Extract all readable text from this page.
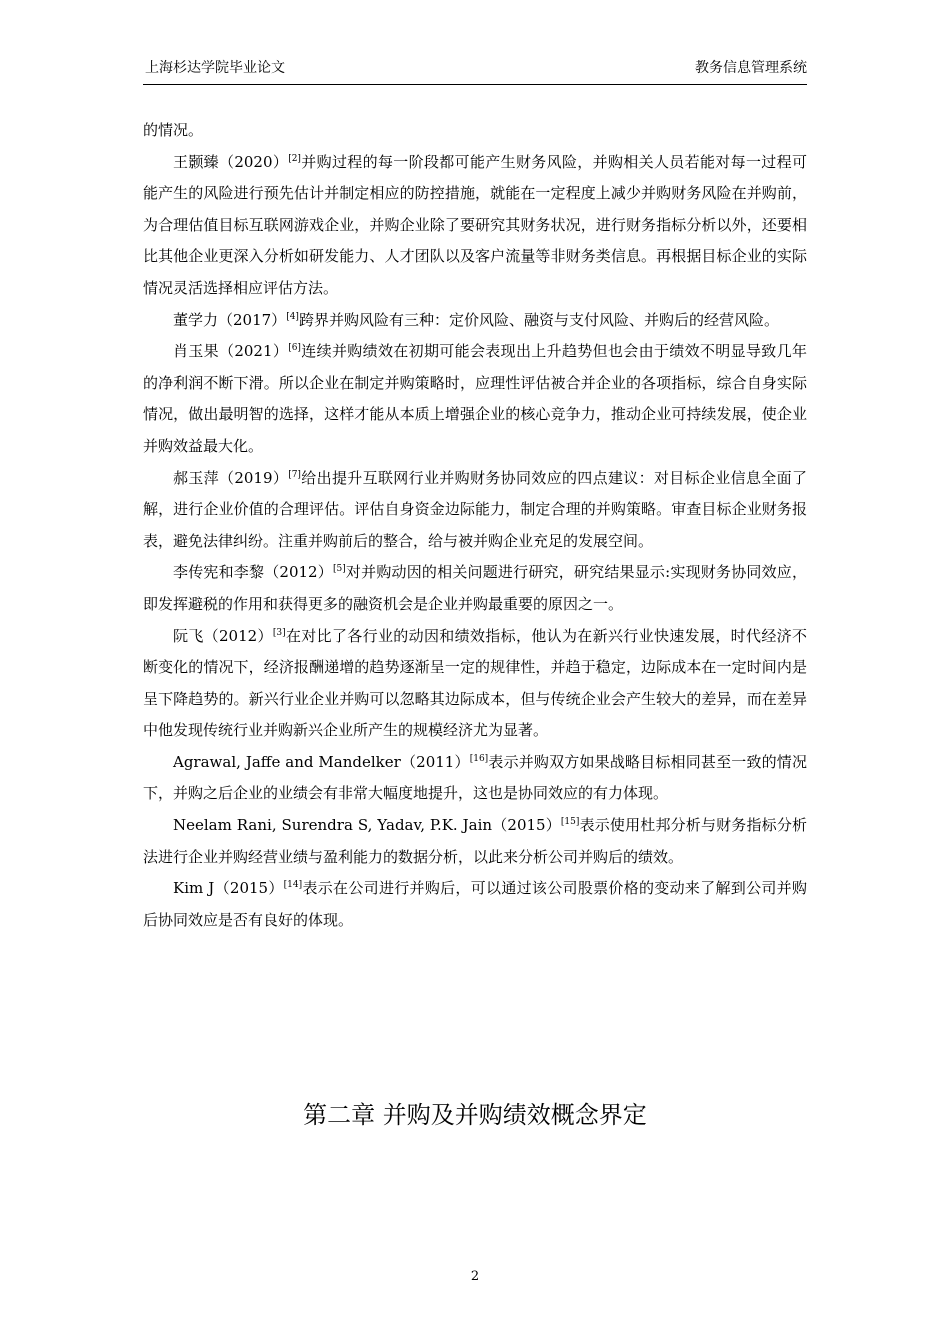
上海杉达学院毕业论文	教务信息管理系统

的情况。

王颢臻（2020）[2]并购过程的每一阶段都可能产生财务风险，并购相关人员若能对每一过程可能产生的风险进行预先估计并制定相应的防控措施，就能在一定程度上减少并购财务风险在并购前，为合理估值目标互联网游戏企业，并购企业除了要研究其财务状况，进行财务指标分析以外，还要相比其他企业更深入分析如研发能力、人才团队以及客户流量等非财务类信息。再根据目标企业的实际情况灵活选择相应评估方法。

董学力（2017）[4]跨界并购风险有三种：定价风险、融资与支付风险、并购后的经营风险。

肖玉果（2021）[6]连续并购绩效在初期可能会表现出上升趋势但也会由于绩效不明显导致几年的净利润不断下滑。所以企业在制定并购策略时，应理性评估被合并企业的各项指标，综合自身实际情况，做出最明智的选择，这样才能从本质上增强企业的核心竞争力，推动企业可持续发展，使企业并购效益最大化。

郝玉萍（2019）[7]给出提升互联网行业并购财务协同效应的四点建议：对目标企业信息全面了解，进行企业价值的合理评估。评估自身资金边际能力，制定合理的并购策略。审查目标企业财务报表，避免法律纠纷。注重并购前后的整合，给与被并购企业充足的发展空间。

李传宪和李黎（2012）[5]对并购动因的相关问题进行研究，研究结果显示:实现财务协同效应，即发挥避税的作用和获得更多的融资机会是企业并购最重要的原因之一。

阮飞（2012）[3]在对比了各行业的动因和绩效指标，他认为在新兴行业快速发展，时代经济不断变化的情况下，经济报酬递增的趋势逐渐呈一定的规律性，并趋于稳定，边际成本在一定时间内是呈下降趋势的。新兴行业企业并购可以忽略其边际成本，但与传统企业会产生较大的差异，而在差异中他发现传统行业并购新兴企业所产生的规模经济尤为显著。

Agrawal, Jaffe and Mandelker（2011）[16]表示并购双方如果战略目标相同甚至一致的情况下，并购之后企业的业绩会有非常大幅度地提升，这也是协同效应的有力体现。

Neelam Rani, Surendra S, Yadav, P.K. Jain（2015）[15]表示使用杜邦分析与财务指标分析法进行企业并购经营业绩与盈利能力的数据分析，以此来分析公司并购后的绩效。

Kim J（2015）[14]表示在公司进行并购后，可以通过该公司股票价格的变动来了解到公司并购后协同效应是否有良好的体现。

第二章 并购及并购绩效概念界定
2
